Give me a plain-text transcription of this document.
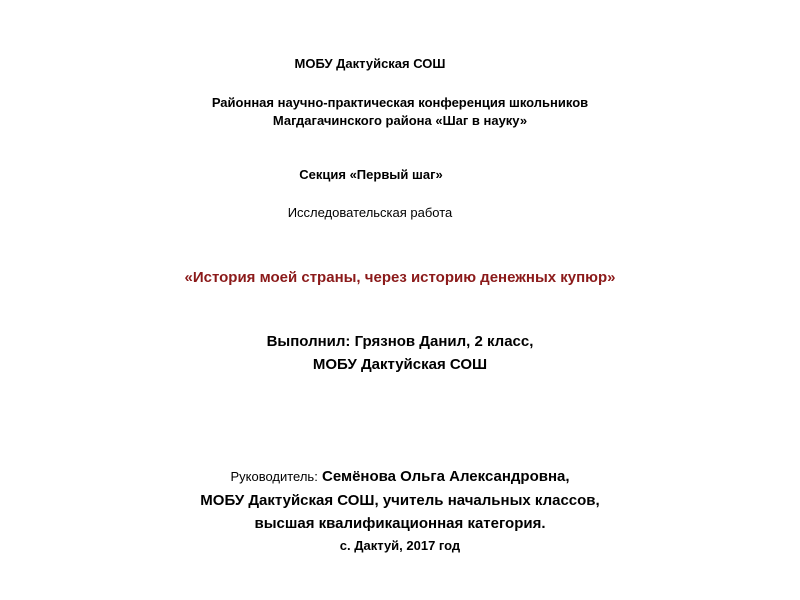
МОБУ Дактуйская СОШ

Районная научно-практическая конференция школьников

Магдагачинского района «Шаг в науку»

Секция «Первый шаг»

Исследовательская работа

«История моей страны, через историю денежных купюр»

Выполнил: Грязнов Данил, 2 класс,

МОБУ Дактуйская СОШ

Руководитель: Семёнова Ольга Александровна,

МОБУ Дактуйская СОШ, учитель начальных классов,

высшая квалификационная категория.

с. Дактуй, 2017 год
